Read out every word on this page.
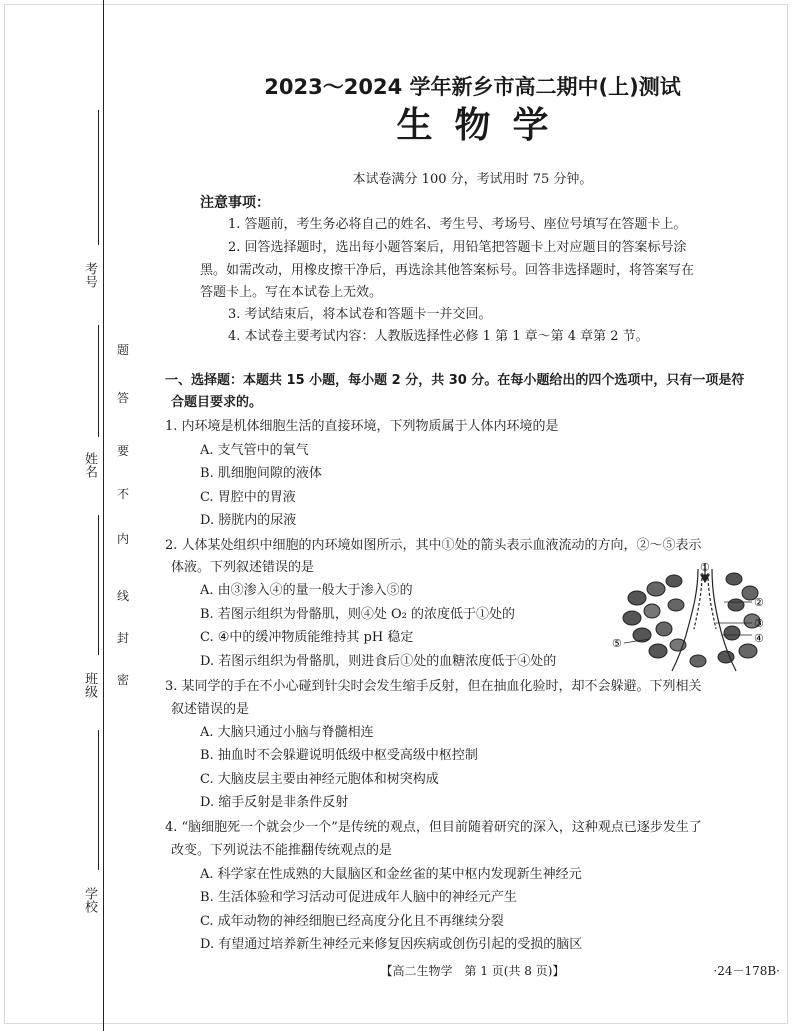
考号
姓名
班级
学校
密
封
线
内
不
要
答
题
2023～2024 学年新乡市高二期中(上)测试
生物学
本试卷满分 100 分，考试用时 75 分钟。
注意事项：
1. 答题前，考生务必将自己的姓名、考生号、考场号、座位号填写在答题卡上。
2. 回答选择题时，选出每小题答案后，用铅笔把答题卡上对应题目的答案标号涂
黑。如需改动，用橡皮擦干净后，再选涂其他答案标号。回答非选择题时，将答案写在
答题卡上。写在本试卷上无效。
3. 考试结束后，将本试卷和答题卡一并交回。
4. 本试卷主要考试内容：人教版选择性必修 1 第 1 章～第 4 章第 2 节。
一、选择题：本题共 15 小题，每小题 2 分，共 30 分。在每小题给出的四个选项中，只有一项是符
合题目要求的。
1. 内环境是机体细胞生活的直接环境，下列物质属于人体内环境的是
A. 支气管中的氧气
B. 肌细胞间隙的液体
C. 胃腔中的胃液
D. 膀胱内的尿液
2. 人体某处组织中细胞的内环境如图所示，其中①处的箭头表示血液流动的方向，②～⑤表示
体液。下列叙述错误的是
A. 由③渗入④的量一般大于渗入⑤的
B. 若图示组织为骨骼肌，则④处 O₂ 的浓度低于①处的
C. ④中的缓冲物质能维持其 pH 稳定
D. 若图示组织为骨骼肌，则进食后①处的血糖浓度低于④处的
①
②
③
④
⑤
3. 某同学的手在不小心碰到针尖时会发生缩手反射，但在抽血化验时，却不会躲避。下列相关
叙述错误的是
A. 大脑只通过小脑与脊髓相连
B. 抽血时不会躲避说明低级中枢受高级中枢控制
C. 大脑皮层主要由神经元胞体和树突构成
D. 缩手反射是非条件反射
4. “脑细胞死一个就会少一个”是传统的观点，但目前随着研究的深入，这种观点已逐步发生了
改变。下列说法不能推翻传统观点的是
A. 科学家在性成熟的大鼠脑区和金丝雀的某中枢内发现新生神经元
B. 生活体验和学习活动可促进成年人脑中的神经元产生
C. 成年动物的神经细胞已经高度分化且不再继续分裂
D. 有望通过培养新生神经元来修复因疾病或创伤引起的受损的脑区
【高二生物学　第 1 页(共 8 页)】	·24－178B·
